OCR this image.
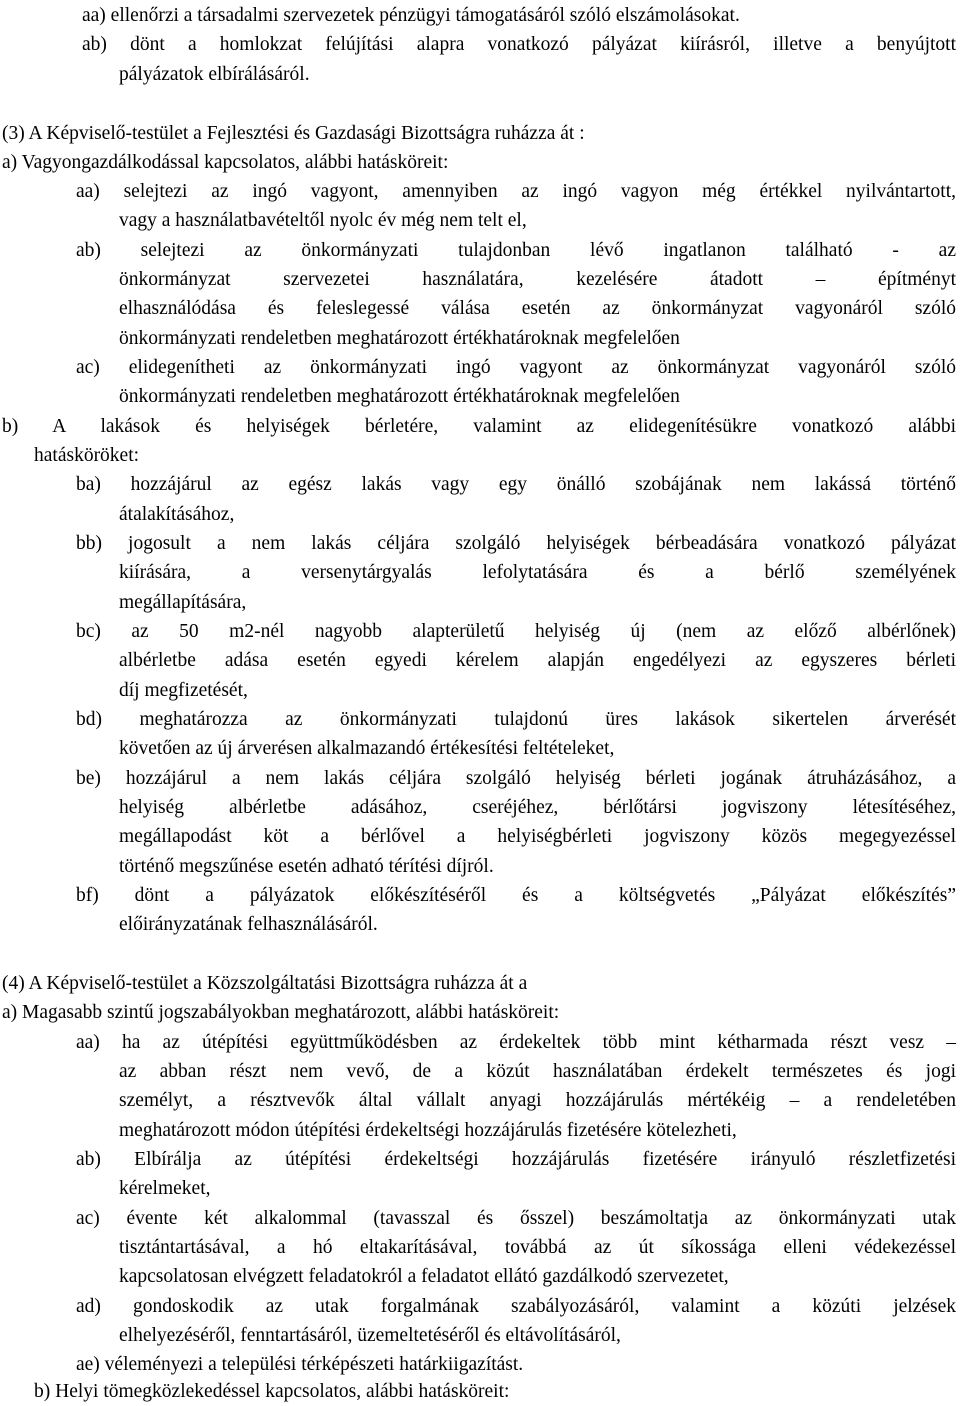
aa) ellenőrzi a társadalmi szervezetek pénzügyi támogatásáról szóló elszámolásokat.
ab) dönt a homlokzat felújítási alapra vonatkozó pályázat kiírásról, illetve a benyújtott
pályázatok elbírálásáról.
(3) A Képviselő-testület a Fejlesztési és Gazdasági Bizottságra ruházza át :
a) Vagyongazdálkodással kapcsolatos, alábbi hatásköreit:
aa) selejtezi az ingó vagyont, amennyiben az ingó vagyon még értékkel nyilvántartott,
vagy a használatbavételtől nyolc év még nem telt el,
ab) selejtezi az önkormányzati tulajdonban lévő ingatlanon található - az
önkormányzat szervezetei használatára, kezelésére átadott – építményt
elhasználódása és feleslegessé válása esetén az önkormányzat vagyonáról szóló
önkormányzati rendeletben meghatározott értékhatároknak megfelelően
ac) elidegenítheti az önkormányzati ingó vagyont az önkormányzat vagyonáról szóló
önkormányzati rendeletben meghatározott értékhatároknak megfelelően
b) A lakások és helyiségek bérletére, valamint az elidegenítésükre vonatkozó alábbi
hatásköröket:
ba) hozzájárul az egész lakás vagy egy önálló szobájának nem lakássá történő
átalakításához,
bb) jogosult a nem lakás céljára szolgáló helyiségek bérbeadására vonatkozó pályázat
kiírására, a versenytárgyalás lefolytatására és a bérlő személyének
megállapítására,
bc) az 50 m2-nél nagyobb alapterületű helyiség új (nem az előző albérlőnek)
albérletbe adása esetén egyedi kérelem alapján engedélyezi az egyszeres bérleti
díj megfizetését,
bd) meghatározza az önkormányzati tulajdonú üres lakások sikertelen árverését
követően az új árverésen alkalmazandó értékesítési feltételeket,
be) hozzájárul a nem lakás céljára szolgáló helyiség bérleti jogának átruházásához, a
helyiség albérletbe adásához, cseréjéhez, bérlőtársi jogviszony létesítéséhez,
megállapodást köt a bérlővel a helyiségbérleti jogviszony közös megegyezéssel
történő megszűnése esetén adható térítési díjról.
bf) dönt a pályázatok előkészítéséről és a költségvetés „Pályázat előkészítés”
előirányzatának felhasználásáról.
(4) A Képviselő-testület a Közszolgáltatási Bizottságra ruházza át a
a) Magasabb szintű jogszabályokban meghatározott, alábbi hatásköreit:
aa) ha az útépítési együttműködésben az érdekeltek több mint kétharmada részt vesz –
az abban részt nem vevő, de a közút használatában érdekelt természetes és jogi
személyt, a résztvevők által vállalt anyagi hozzájárulás mértékéig – a rendeletében
meghatározott módon útépítési érdekeltségi hozzájárulás fizetésére kötelezheti,
ab) Elbírálja az útépítési érdekeltségi hozzájárulás fizetésére irányuló részletfizetési
kérelmeket,
ac) évente két alkalommal (tavasszal és ősszel) beszámoltatja az önkormányzati utak
tisztántartásával, a hó eltakarításával, továbbá az út síkossága elleni védekezéssel
kapcsolatosan elvégzett feladatokról a feladatot ellátó gazdálkodó szervezetet,
ad) gondoskodik az utak forgalmának szabályozásáról, valamint a közúti jelzések
elhelyezéséről, fenntartásáról, üzemeltetéséről és eltávolításáról,
ae) véleményezi a települési térképészeti határkiigazítást.
b) Helyi tömegközlekedéssel kapcsolatos, alábbi hatásköreit:
